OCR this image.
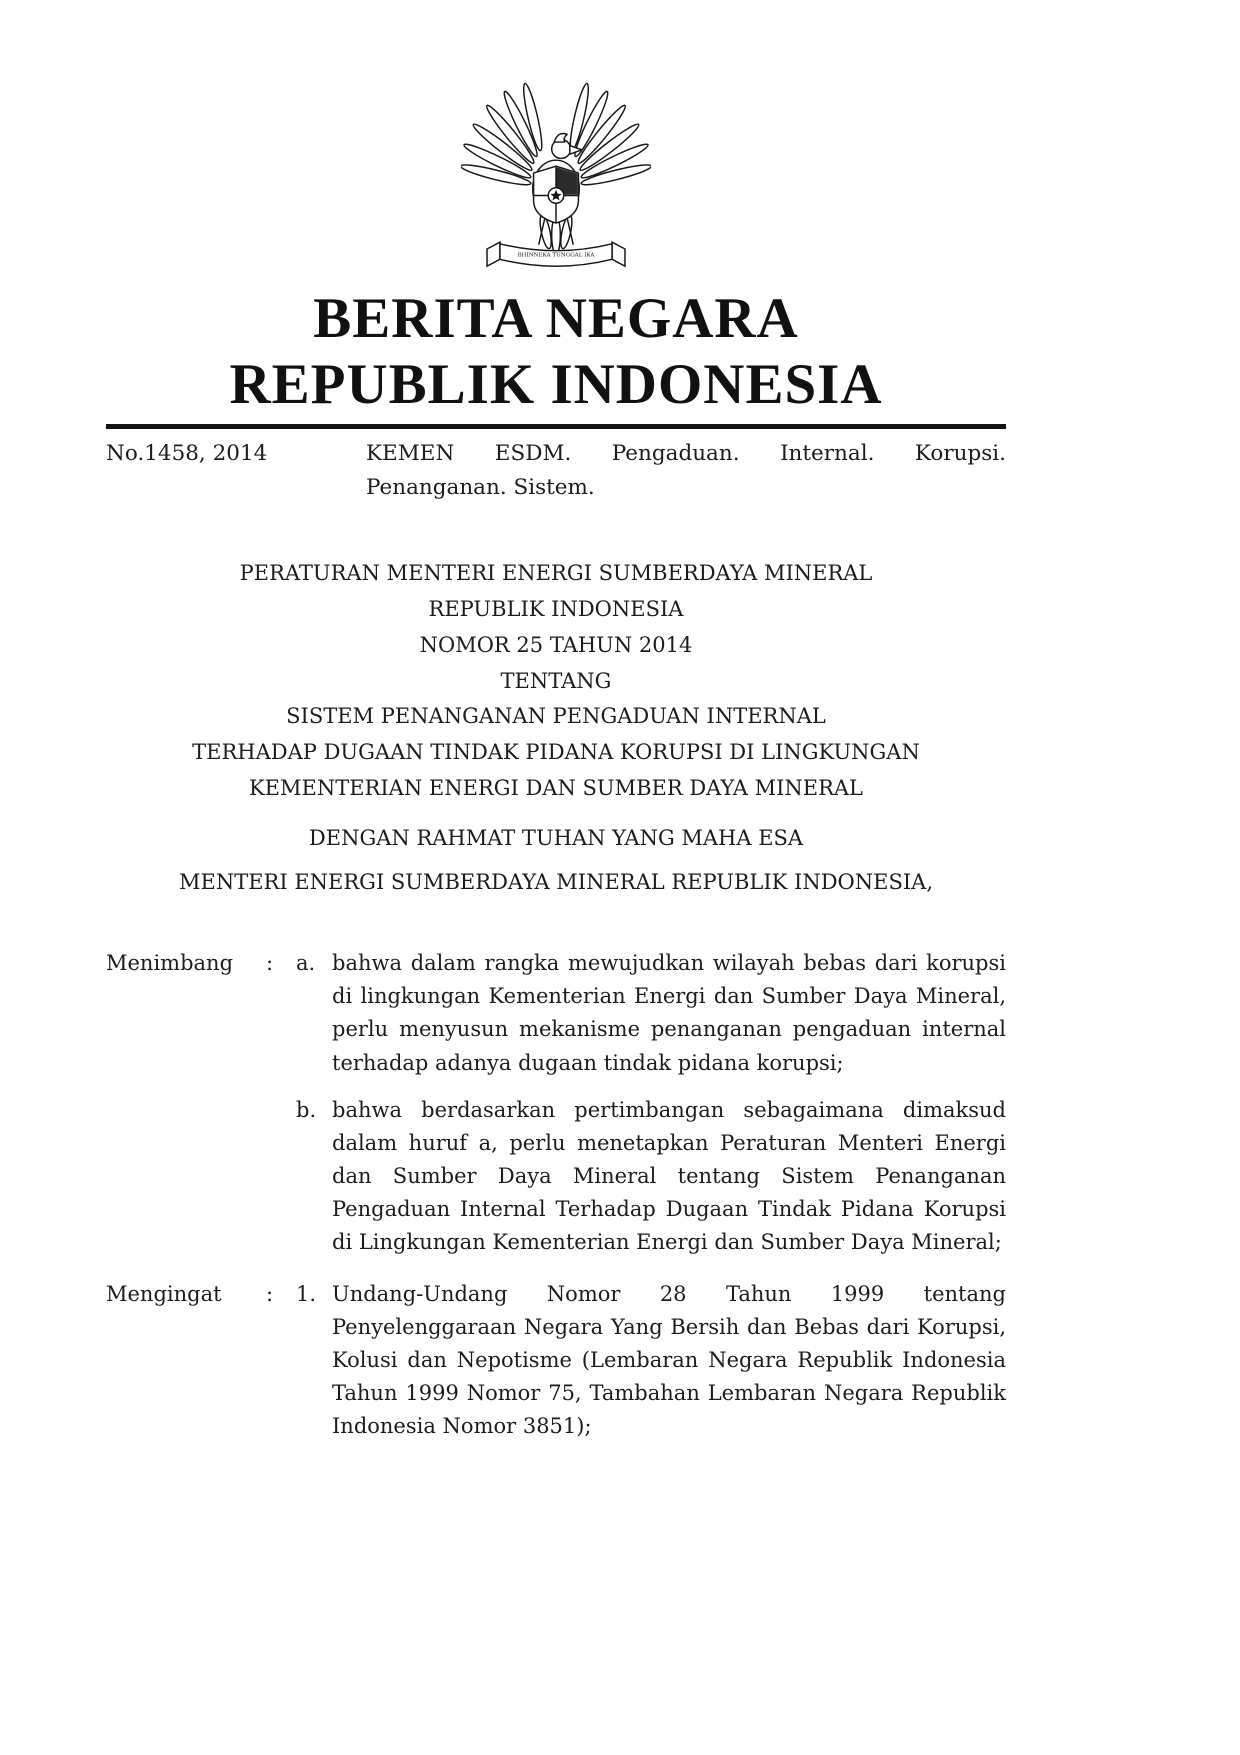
BHINNEKA TUNGGAL IKA
BERITA NEGARA
REPUBLIK INDONESIA
No.1458, 2014	KEMEN ESDM. Pengaduan. Internal. Korupsi.
Penanganan. Sistem.
PERATURAN MENTERI ENERGI SUMBERDAYA MINERAL
REPUBLIK INDONESIA
NOMOR 25 TAHUN 2014
TENTANG
SISTEM PENANGANAN PENGADUAN INTERNAL
TERHADAP DUGAAN TINDAK PIDANA KORUPSI DI LINGKUNGAN
KEMENTERIAN ENERGI DAN SUMBER DAYA MINERAL
DENGAN RAHMAT TUHAN YANG MAHA ESA
MENTERI ENERGI SUMBERDAYA MINERAL REPUBLIK INDONESIA,
Menimbang	:	a. bahwa dalam rangka mewujudkan wilayah bebas dari korupsi di lingkungan Kementerian Energi dan Sumber Daya Mineral, perlu menyusun mekanisme penanganan pengaduan internal terhadap adanya dugaan tindak pidana korupsi;
b. bahwa berdasarkan pertimbangan sebagaimana dimaksud dalam huruf a, perlu menetapkan Peraturan Menteri Energi dan Sumber Daya Mineral tentang Sistem Penanganan Pengaduan Internal Terhadap Dugaan Tindak Pidana Korupsi di Lingkungan Kementerian Energi dan Sumber Daya Mineral;
Mengingat	:	1. Undang-Undang Nomor 28 Tahun 1999 tentang Penyelenggaraan Negara Yang Bersih dan Bebas dari Korupsi, Kolusi dan Nepotisme (Lembaran Negara Republik Indonesia Tahun 1999 Nomor 75, Tambahan Lembaran Negara Republik Indonesia Nomor 3851);
